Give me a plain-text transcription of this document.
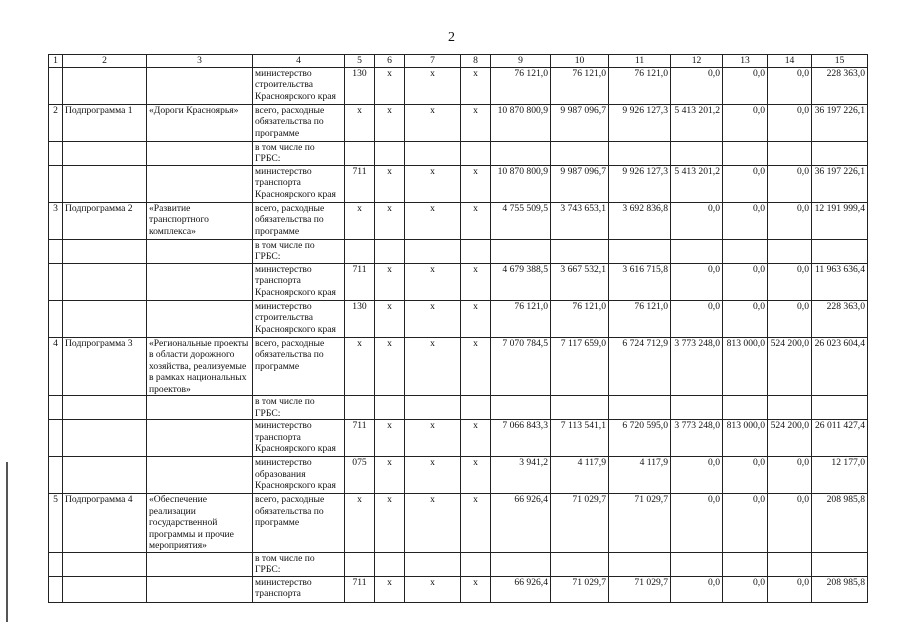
2
1	2	3	4	5	6	7	8	9	10	11	12	13	14	15
			министерство строительства Красноярского края	130	х	х	х	76 121,0	76 121,0	76 121,0	0,0	0,0	0,0	228 363,0
2	Подпрограмма 1	«Дороги Красноярья»	всего, расходные обязательства по программе	х	х	х	х	10 870 800,9	9 987 096,7	9 926 127,3	5 413 201,2	0,0	0,0	36 197 226,1
			в том числе по ГРБС:											
			министерство транспорта Красноярского края	711	х	х	х	10 870 800,9	9 987 096,7	9 926 127,3	5 413 201,2	0,0	0,0	36 197 226,1
3	Подпрограмма 2	«Развитие транспортного комплекса»	всего, расходные обязательства по программе	х	х	х	х	4 755 509,5	3 743 653,1	3 692 836,8	0,0	0,0	0,0	12 191 999,4
			в том числе по ГРБС:											
			министерство транспорта Красноярского края	711	х	х	х	4 679 388,5	3 667 532,1	3 616 715,8	0,0	0,0	0,0	11 963 636,4
			министерство строительства Красноярского края	130	х	х	х	76 121,0	76 121,0	76 121,0	0,0	0,0	0,0	228 363,0
4	Подпрограмма 3	«Региональные проекты в области дорожного хозяйства, реализуемые в рамках национальных проектов»	всего, расходные обязательства по программе	х	х	х	х	7 070 784,5	7 117 659,0	6 724 712,9	3 773 248,0	813 000,0	524 200,0	26 023 604,4
			в том числе по ГРБС:											
			министерство транспорта Красноярского края	711	х	х	х	7 066 843,3	7 113 541,1	6 720 595,0	3 773 248,0	813 000,0	524 200,0	26 011 427,4
			министерство образования Красноярского края	075	х	х	х	3 941,2	4 117,9	4 117,9	0,0	0,0	0,0	12 177,0
5	Подпрограмма 4	«Обеспечение реализации государственной программы и прочие мероприятия»	всего, расходные обязательства по программе	х	х	х	х	66 926,4	71 029,7	71 029,7	0,0	0,0	0,0	208 985,8
			в том числе по ГРБС:											
			министерство транспорта	711	х	х	х	66 926,4	71 029,7	71 029,7	0,0	0,0	0,0	208 985,8
